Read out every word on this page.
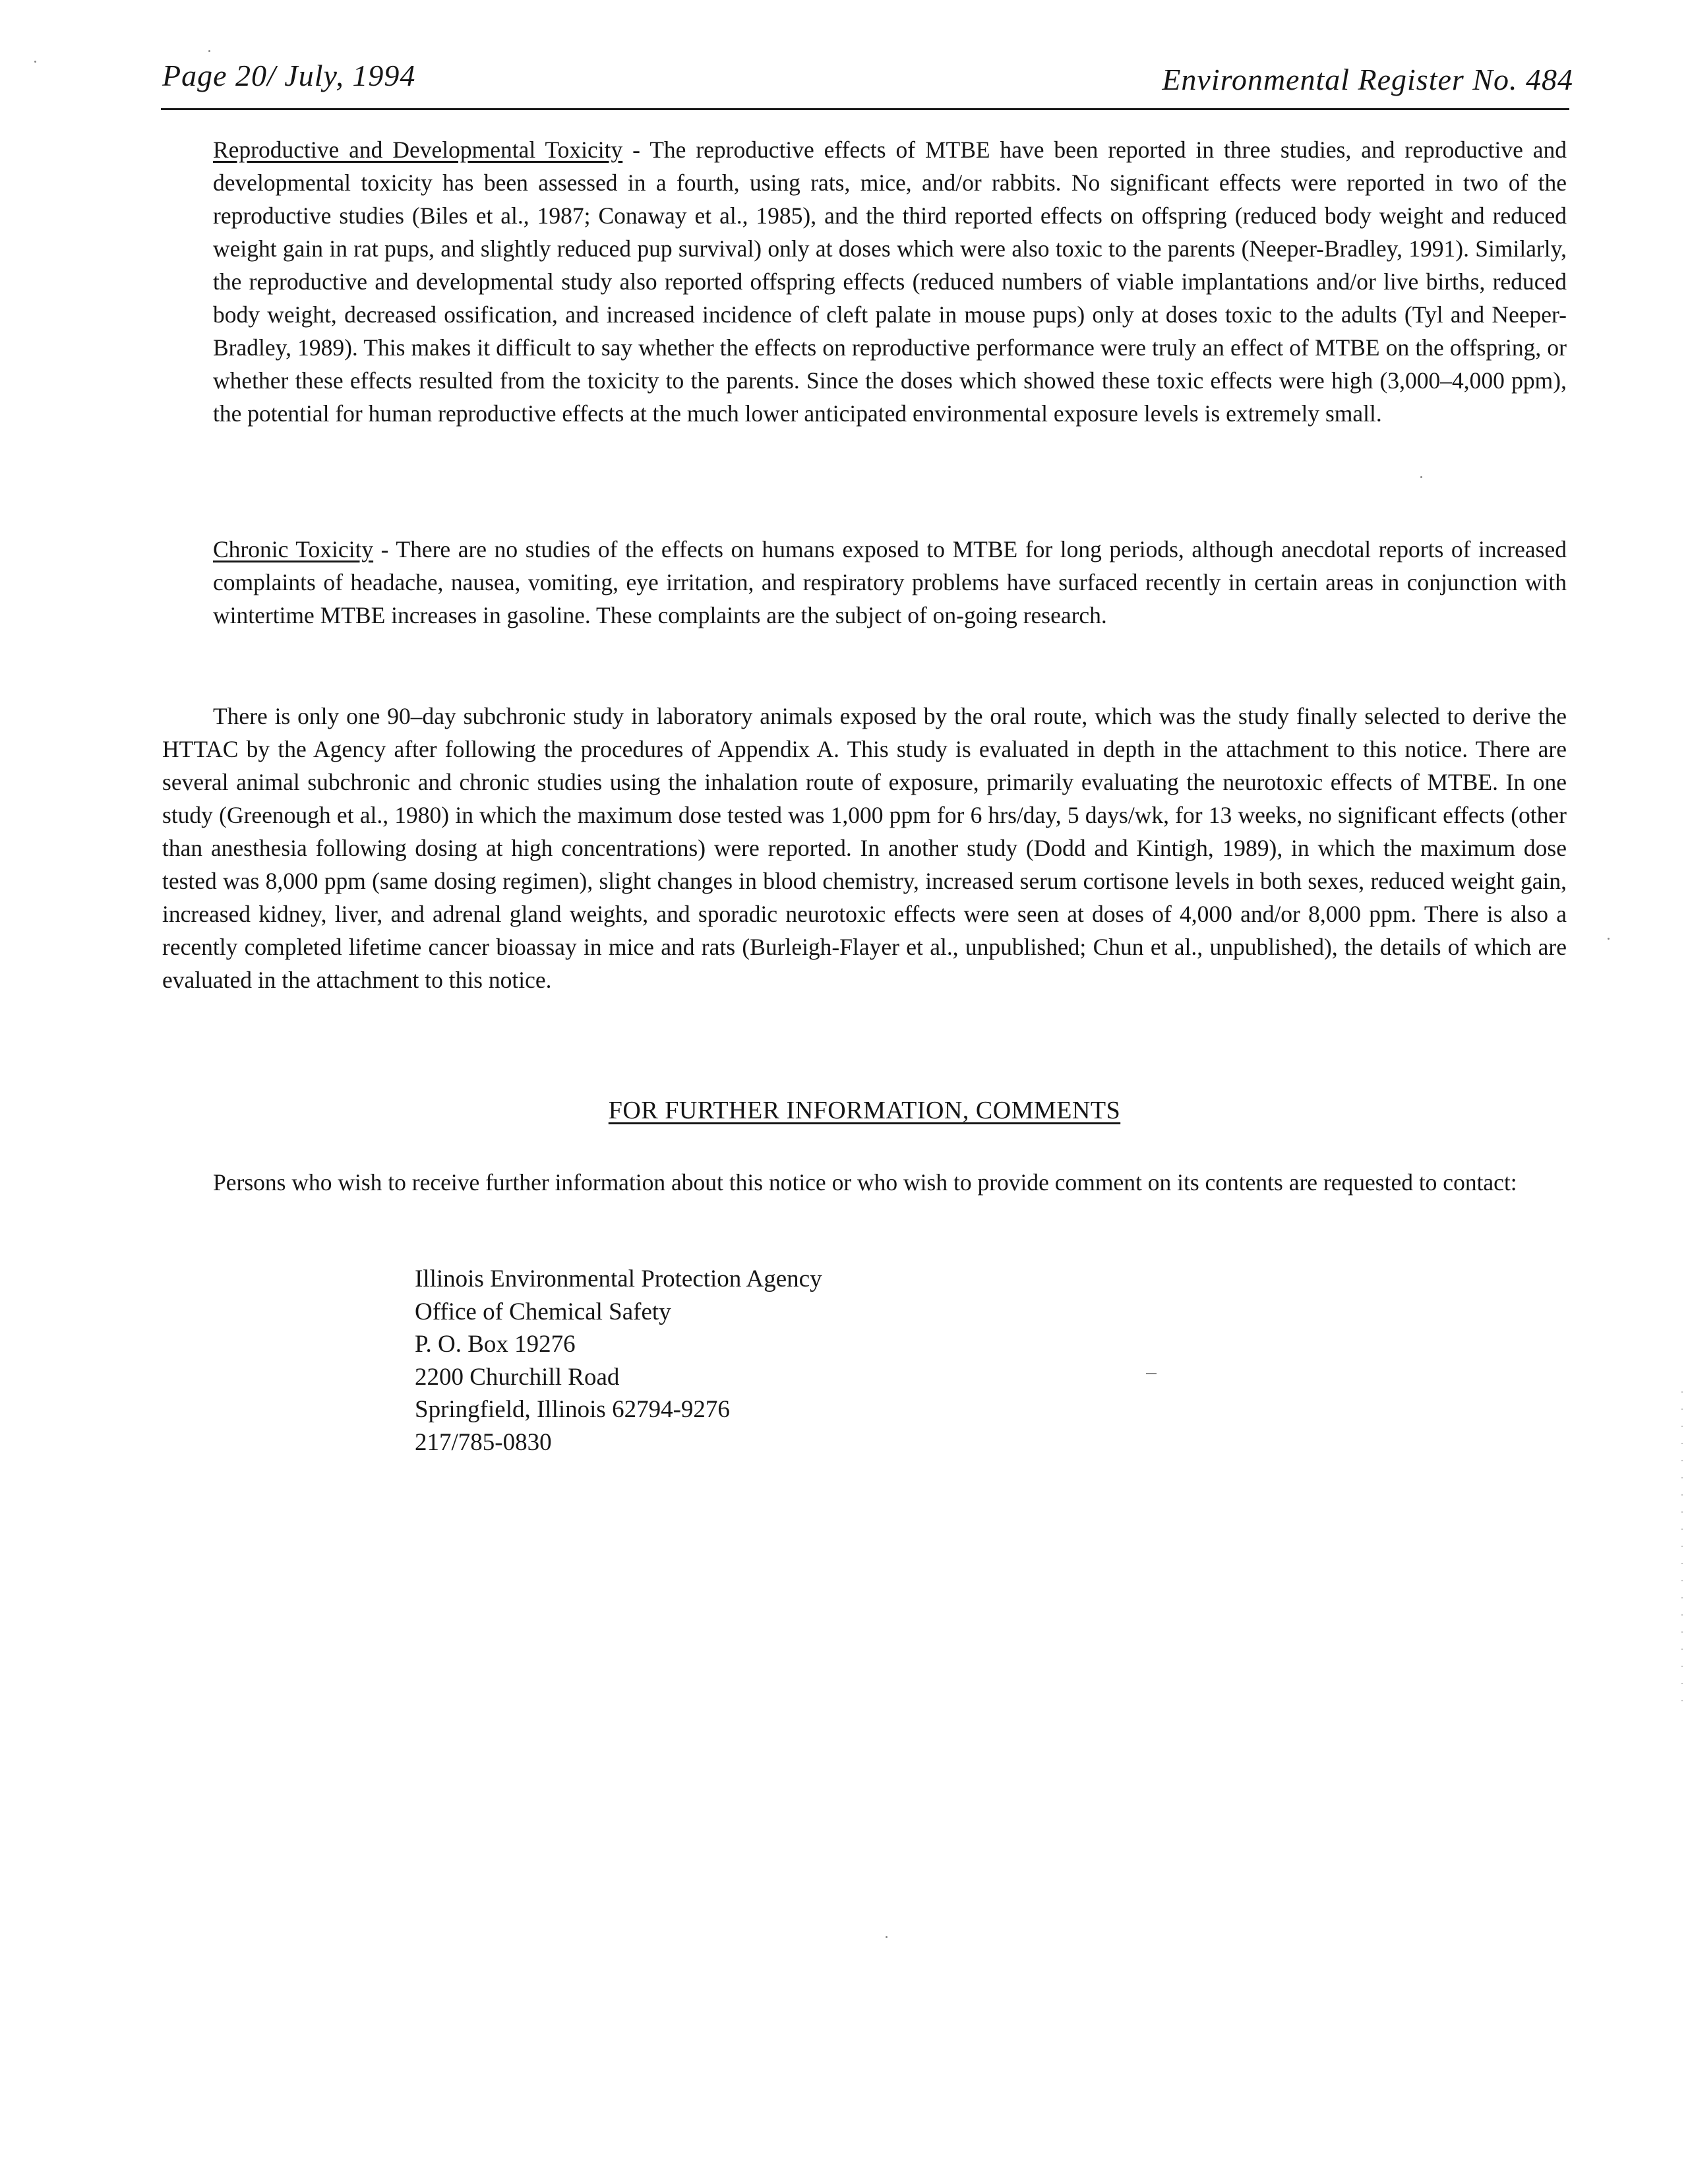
Page 20/ July, 1994	Environmental Register No. 484
Reproductive and Developmental Toxicity - The reproductive effects of MTBE have been reported in three studies, and reproductive and developmental toxicity has been assessed in a fourth, using rats, mice, and/or rabbits. No significant effects were reported in two of the reproductive studies (Biles et al., 1987; Conaway et al., 1985), and the third reported effects on offspring (reduced body weight and reduced weight gain in rat pups, and slightly reduced pup survival) only at doses which were also toxic to the parents (Neeper-Bradley, 1991). Similarly, the reproductive and developmental study also reported offspring effects (reduced numbers of viable implantations and/or live births, reduced body weight, decreased ossification, and increased incidence of cleft palate in mouse pups) only at doses toxic to the adults (Tyl and Neeper-Bradley, 1989). This makes it difficult to say whether the effects on reproductive performance were truly an effect of MTBE on the offspring, or whether these effects resulted from the toxicity to the parents. Since the doses which showed these toxic effects were high (3,000–4,000 ppm), the potential for human reproductive effects at the much lower anticipated environmental exposure levels is extremely small.
Chronic Toxicity - There are no studies of the effects on humans exposed to MTBE for long periods, although anecdotal reports of increased complaints of headache, nausea, vomiting, eye irritation, and respiratory problems have surfaced recently in certain areas in conjunction with wintertime MTBE increases in gasoline. These complaints are the subject of on-going research.
There is only one 90–day subchronic study in laboratory animals exposed by the oral route, which was the study finally selected to derive the HTTAC by the Agency after following the procedures of Appendix A. This study is evaluated in depth in the attachment to this notice. There are several animal subchronic and chronic studies using the inhalation route of exposure, primarily evaluating the neurotoxic effects of MTBE. In one study (Greenough et al., 1980) in which the maximum dose tested was 1,000 ppm for 6 hrs/day, 5 days/wk, for 13 weeks, no significant effects (other than anesthesia following dosing at high concentrations) were reported. In another study (Dodd and Kintigh, 1989), in which the maximum dose tested was 8,000 ppm (same dosing regimen), slight changes in blood chemistry, increased serum cortisone levels in both sexes, reduced weight gain, increased kidney, liver, and adrenal gland weights, and sporadic neurotoxic effects were seen at doses of 4,000 and/or 8,000 ppm. There is also a recently completed lifetime cancer bioassay in mice and rats (Burleigh-Flayer et al., unpublished; Chun et al., unpublished), the details of which are evaluated in the attachment to this notice.
FOR FURTHER INFORMATION, COMMENTS
Persons who wish to receive further information about this notice or who wish to provide comment on its contents are requested to contact:
Illinois Environmental Protection Agency
Office of Chemical Safety
P. O. Box 19276
2200 Churchill Road
Springfield, Illinois 62794-9276
217/785-0830
